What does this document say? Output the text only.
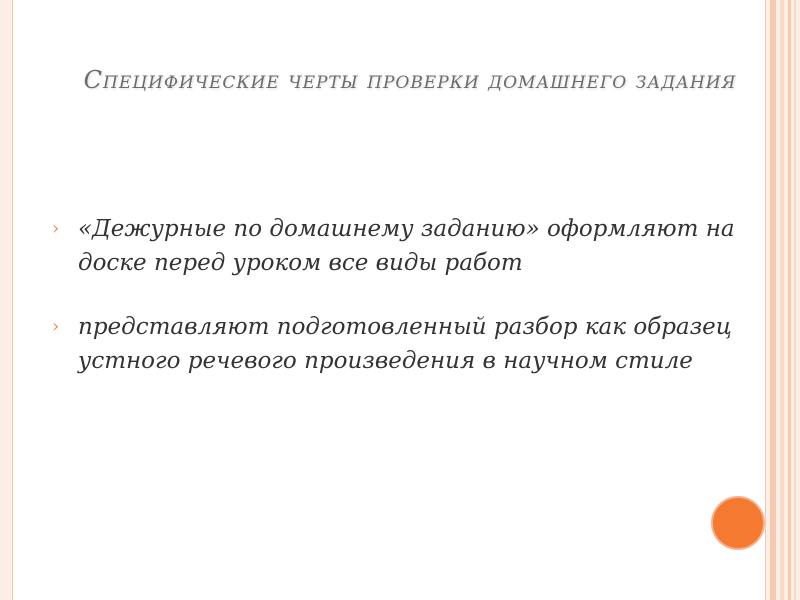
Специфические черты проверки домашнего задания
› «Дежурные по домашнему заданию» оформляют на доске перед уроком все виды работ
› представляют подготовленный разбор как образец устного речевого произведения в научном стиле
